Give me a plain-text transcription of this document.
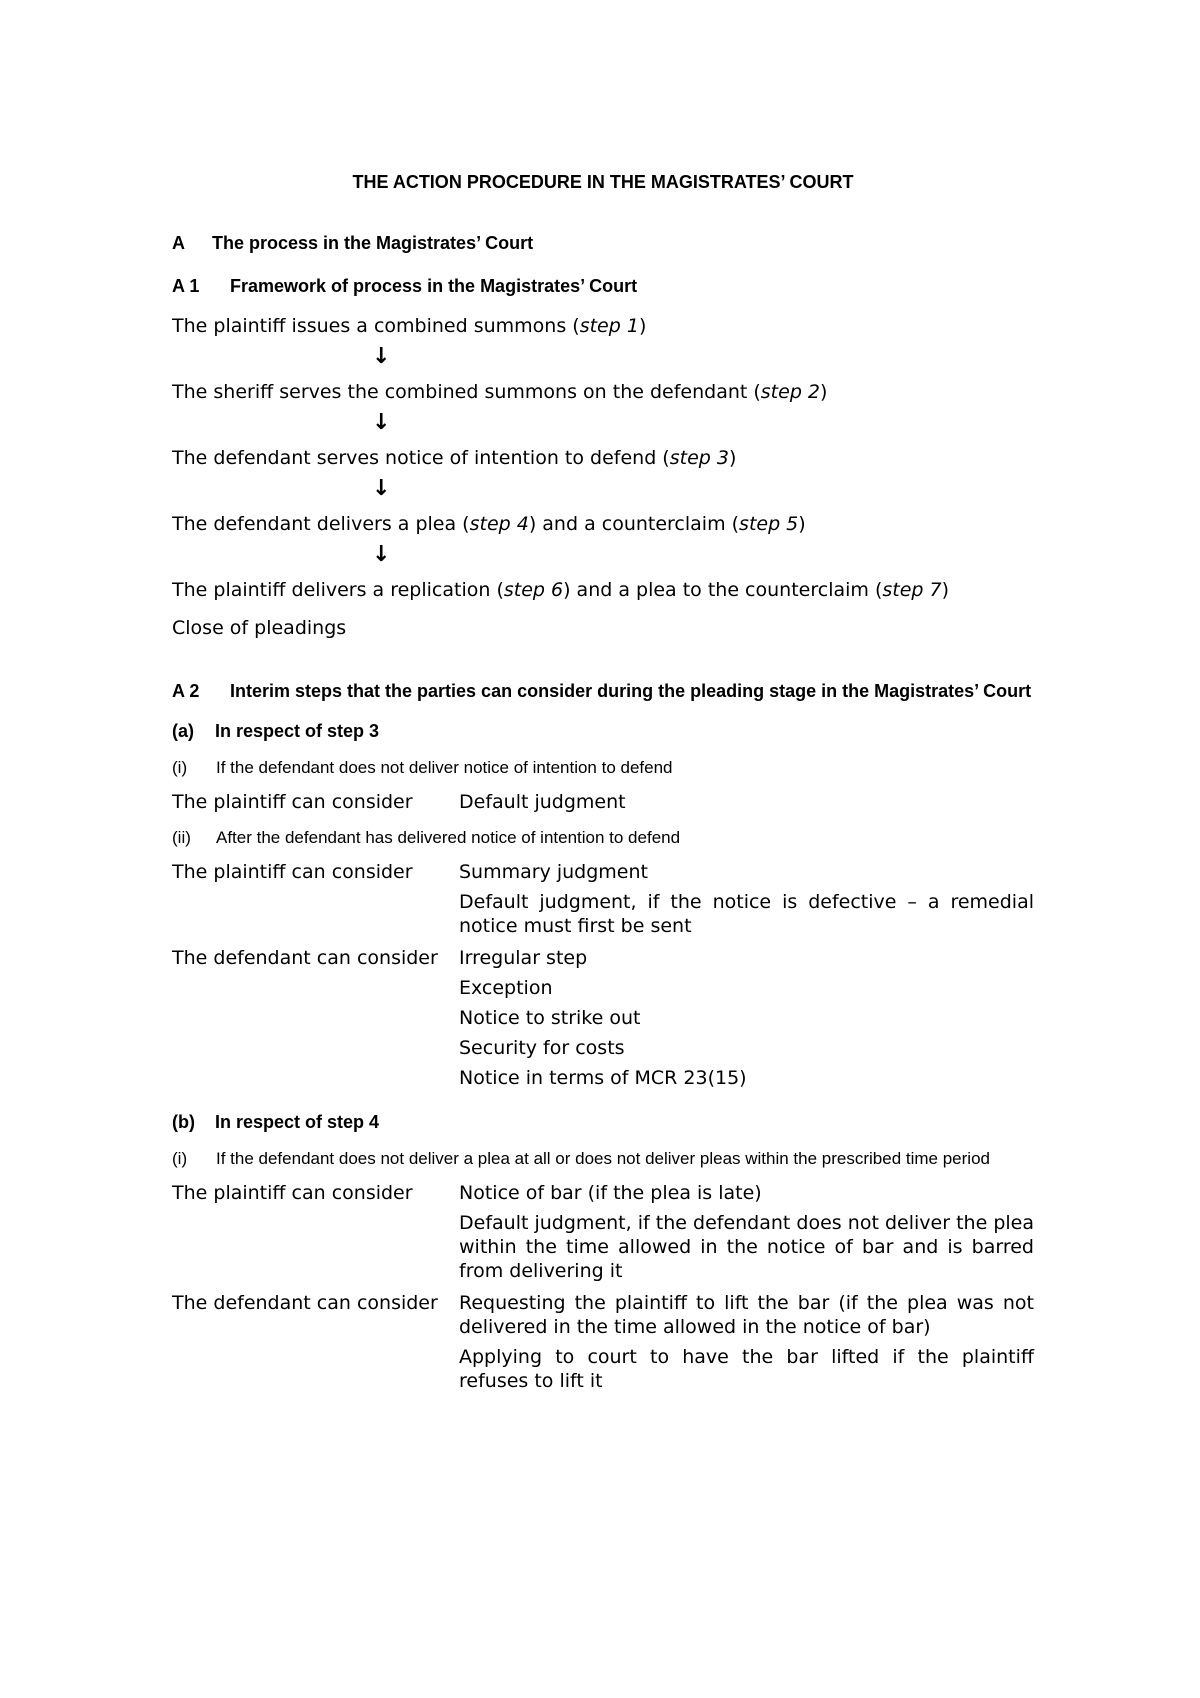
THE ACTION PROCEDURE IN THE MAGISTRATES’ COURT
A	The process in the Magistrates’ Court
A 1	Framework of process in the Magistrates’ Court

The plaintiff issues a combined summons (step 1)

↓

The sheriff serves the combined summons on the defendant (step 2)

↓

The defendant serves notice of intention to defend (step 3)

↓

The defendant delivers a plea (step 4) and a counterclaim (step 5)

↓

The plaintiff delivers a replication (step 6) and a plea to the counterclaim (step 7)

Close of pleadings

A 2	Interim steps that the parties can consider during the pleading stage in the Magistrates’ Court
(a)	In respect of step 3
(i)	If the defendant does not deliver notice of intention to defend
The plaintiff can consider	Default judgment

(ii)	After the defendant has delivered notice of intention to defend
The plaintiff can consider	Summary judgment

Default judgment, if the notice is defective – a remedial notice must first be sent

The defendant can consider	Irregular step

Exception

Notice to strike out

Security for costs

Notice in terms of MCR 23(15)

(b)	In respect of step 4
(i)	If the defendant does not deliver a plea at all or does not deliver pleas within the prescribed time period
The plaintiff can consider	Notice of bar (if the plea is late)

Default judgment, if the defendant does not deliver the plea within the time allowed in the notice of bar and is barred from delivering it

The defendant can consider	Requesting the plaintiff to lift the bar (if the plea was not delivered in the time allowed in the notice of bar)

Applying to court to have the bar lifted if the plaintiff refuses to lift it
